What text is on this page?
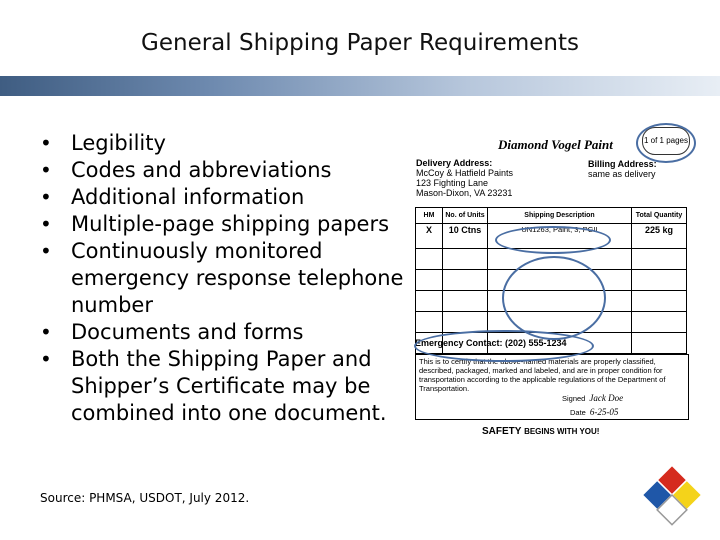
General Shipping Paper Requirements
• Legibility
• Codes and abbreviations
• Additional information
• Multiple-page shipping papers
• Continuously monitored emergency response telephone number
• Documents and forms
• Both the Shipping Paper and Shipper’s Certificate may be combined into one document.
Source: PHMSA, USDOT, July 2012.
Diamond Vogel Paint	1 of 1 pages
Delivery Address:
McCoy & Hatfield Paints
123 Fighting Lane
Mason-Dixon, VA 23231
Billing Address:
same as delivery
HM	No. of Units	Shipping Description	Total Quantity
X	10 Ctns	UN1263, Paint, 3, PGII	225 kg

Emergency Contact: (202) 555-1234
This is to certify that the above-named materials are properly classified, described, packaged, marked and labeled, and are in proper condition for transportation according to the applicable regulations of the Department of Transportation.
Signed Jack Doe
Date 6-25-05
SAFETY BEGINS WITH YOU!
